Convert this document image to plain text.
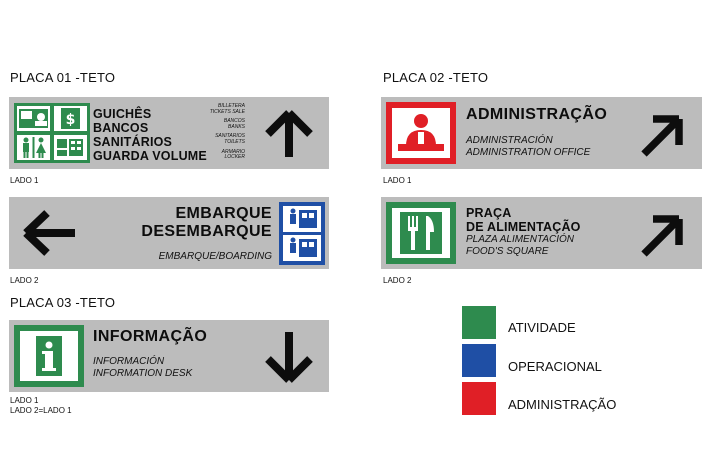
PLACA 01 -TETO
$ GUICHÊS
BANCOS
SANITÁRIOS
GUARDA VOLUME
BILLETERA
TICKETS SALE
BANCOS
BANKS
SANITARIOS
TOILETS
ARMARIO
LOCKER
LADO 1
EMBARQUE
DESEMBARQUE
EMBARQUE/BOARDING
LADO 2
PLACA 03 -TETO
INFORMAÇÃO
INFORMACIÓN
INFORMATION DESK
LADO 1
LADO 2=LADO 1
PLACA 02 -TETO
ADMINISTRAÇÃO
ADMINISTRACIÓN
ADMINISTRATION OFFICE
LADO 1
PRAÇA
DE ALIMENTAÇÃO
PLAZA ALIMENTACIÓN
FOOD'S SQUARE
LADO 2
ATIVIDADE
OPERACIONAL
ADMINISTRAÇÃO
